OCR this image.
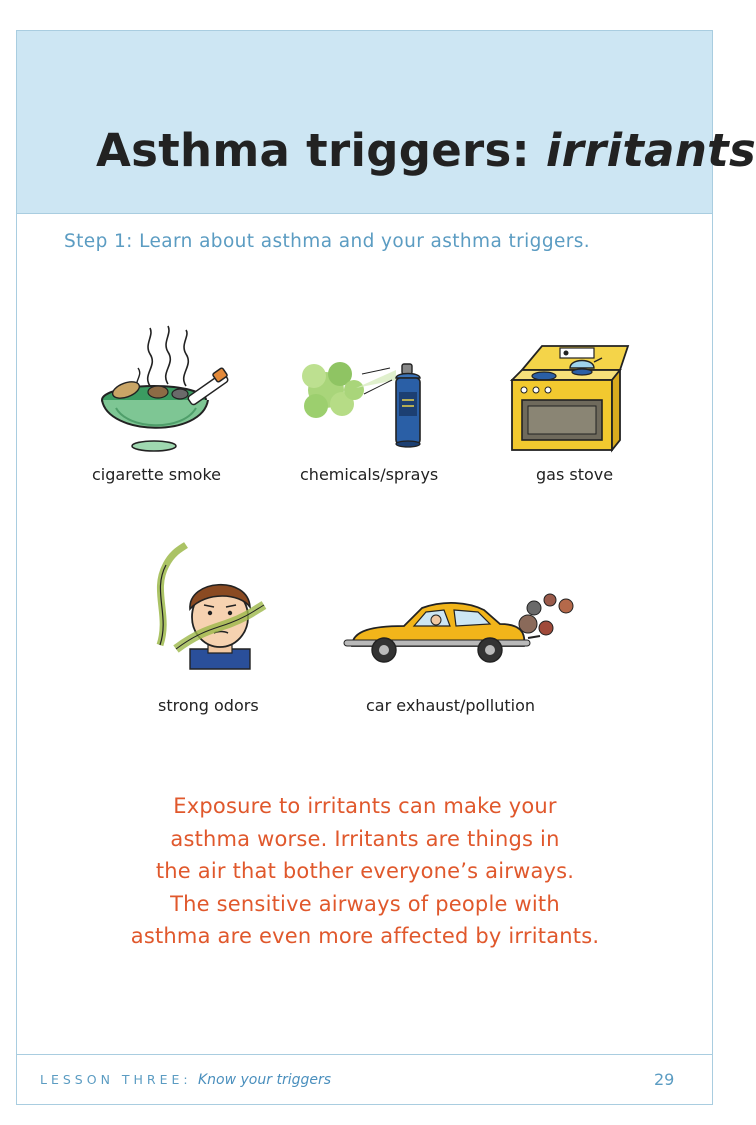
Asthma triggers: irritants
Step 1: Learn about asthma and your asthma triggers.
cigarette smoke	chemicals/sprays	gas stove
strong odors	car exhaust/pollution
Exposure to irritants can make your
asthma worse. Irritants are things in
the air that bother everyone’s airways.
The sensitive airways of people with
asthma are even more affected by irritants.
LESSON THREE: Know your triggers	29
